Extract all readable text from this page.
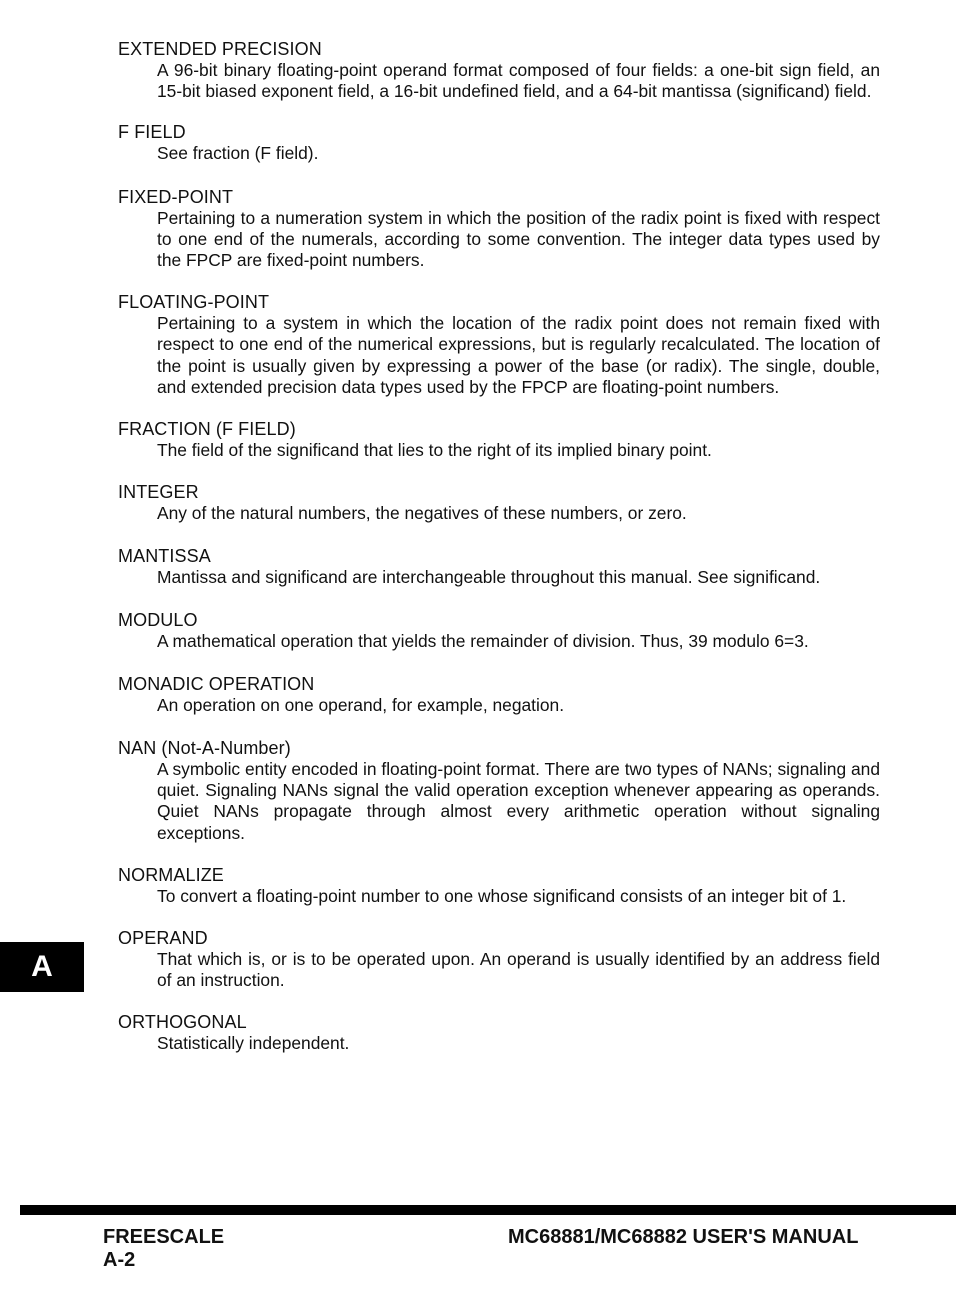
EXTENDED PRECISION

A 96-bit binary floating-point operand format composed of four fields: a one-bit sign field, an 15-bit biased exponent field, a 16-bit undefined field, and a 64-bit mantissa (significand) field.

F FIELD

See fraction (F field).

FIXED-POINT

Pertaining to a numeration system in which the position of the radix point is fixed with respect to one end of the numerals, according to some convention. The integer data types used by the FPCP are fixed-point numbers.

FLOATING-POINT

Pertaining to a system in which the location of the radix point does not remain fixed with respect to one end of the numerical expressions, but is regularly recalculated. The location of the point is usually given by expressing a power of the base (or radix). The single, double, and extended precision data types used by the FPCP are floating-point numbers.

FRACTION (F FIELD)

The field of the significand that lies to the right of its implied binary point.

INTEGER

Any of the natural numbers, the negatives of these numbers, or zero.

MANTISSA

Mantissa and significand are interchangeable throughout this manual. See significand.

MODULO

A mathematical operation that yields the remainder of division. Thus, 39 modulo 6=3.

MONADIC OPERATION

An operation on one operand, for example, negation.

NAN (Not-A-Number)

A symbolic entity encoded in floating-point format. There are two types of NANs; signaling and quiet. Signaling NANs signal the valid operation exception whenever appearing as operands. Quiet NANs propagate through almost every arithmetic operation without signaling exceptions.

NORMALIZE

To convert a floating-point number to one whose significand consists of an integer bit of 1.

OPERAND

That which is, or is to be operated upon. An operand is usually identified by an address field of an instruction.

ORTHOGONAL

Statistically independent.

A
FREESCALE
A-2
MC68881/MC68882 USER'S MANUAL
